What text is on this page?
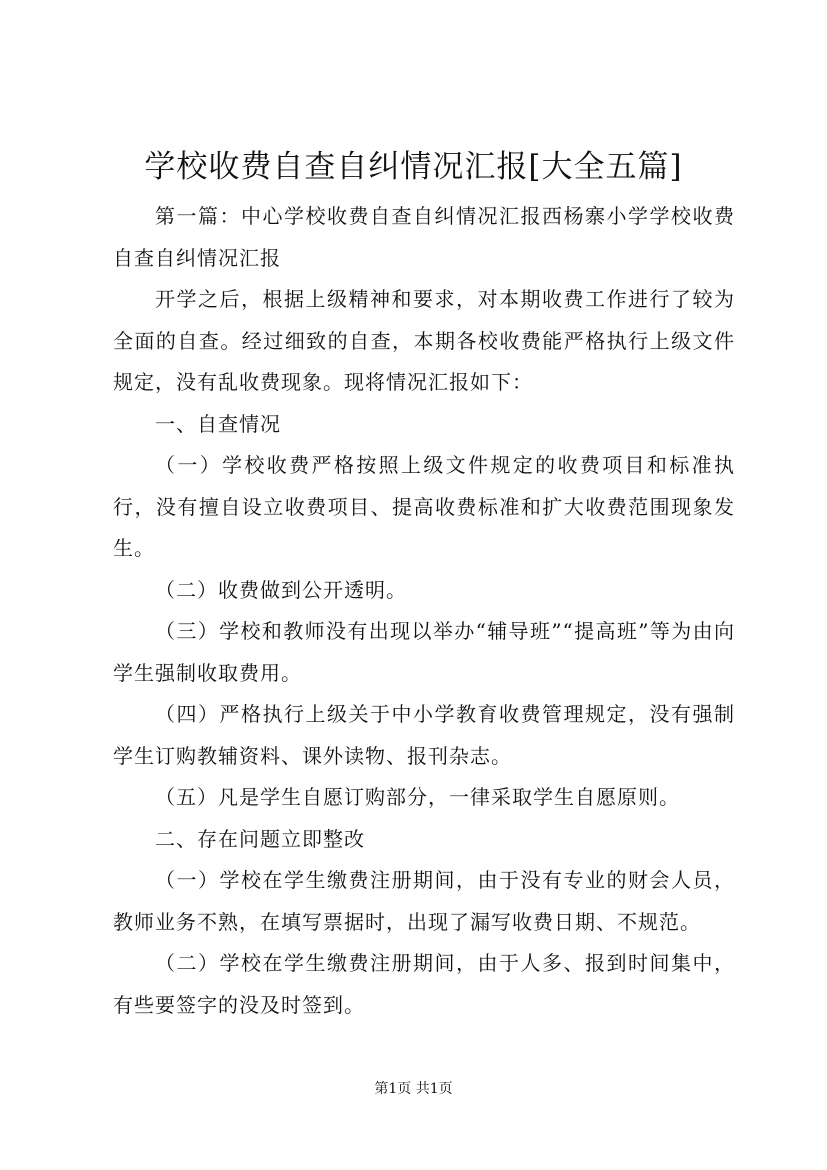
学校收费自查自纠情况汇报[大全五篇]

第一篇：中心学校收费自查自纠情况汇报西杨寨小学学校收费自查自纠情况汇报

开学之后，根据上级精神和要求，对本期收费工作进行了较为全面的自查。经过细致的自查，本期各校收费能严格执行上级文件规定，没有乱收费现象。现将情况汇报如下：

一、自查情况

（一）学校收费严格按照上级文件规定的收费项目和标准执行，没有擅自设立收费项目、提高收费标准和扩大收费范围现象发生。

（二）收费做到公开透明。

（三）学校和教师没有出现以举办“辅导班”“提高班”等为由向学生强制收取费用。

（四）严格执行上级关于中小学教育收费管理规定，没有强制学生订购教辅资料、课外读物、报刊杂志。

（五）凡是学生自愿订购部分，一律采取学生自愿原则。

二、存在问题立即整改

（一）学校在学生缴费注册期间，由于没有专业的财会人员，教师业务不熟，在填写票据时，出现了漏写收费日期、不规范。

（二）学校在学生缴费注册期间，由于人多、报到时间集中，有些要签字的没及时签到。

第1页 共1页
